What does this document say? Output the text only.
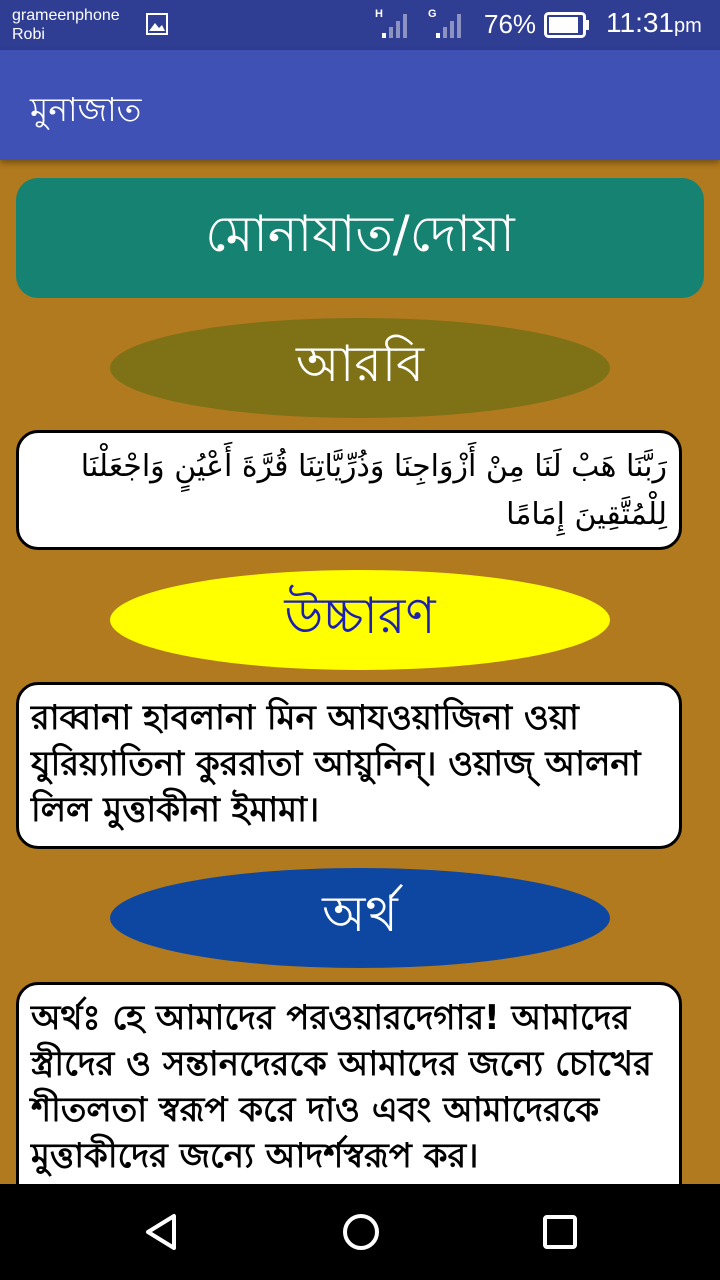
grameenphone
Robi
H	G 76% 11:31pm
মুনাজাত
মোনাযাত/দোয়া
আরবি
رَبَّنَا هَبْ لَنَا مِنْ أَزْوَاجِنَا وَذُرِّيَّاتِنَا قُرَّةَ أَعْيُنٍ وَاجْعَلْنَا لِلْمُتَّقِينَ إِمَامًا
উচ্চারণ
রাব্বানা হাবলানা মিন আযওয়াজিনা ওয়া যুরিয়্যাতিনা কুররাতা আয়ুনিন্। ওয়াজ্ আলনা লিল মুত্তাকীনা ইমামা।
অর্থ
অর্থঃ হে আমাদের পরওয়ারদেগার! আমাদের স্ত্রীদের ও সন্তানদেরকে আমাদের জন্যে চোখের শীতলতা স্বরূপ করে দাও এবং আমাদেরকে মুত্তাকীদের জন্যে আদর্শস্বরূপ কর।
